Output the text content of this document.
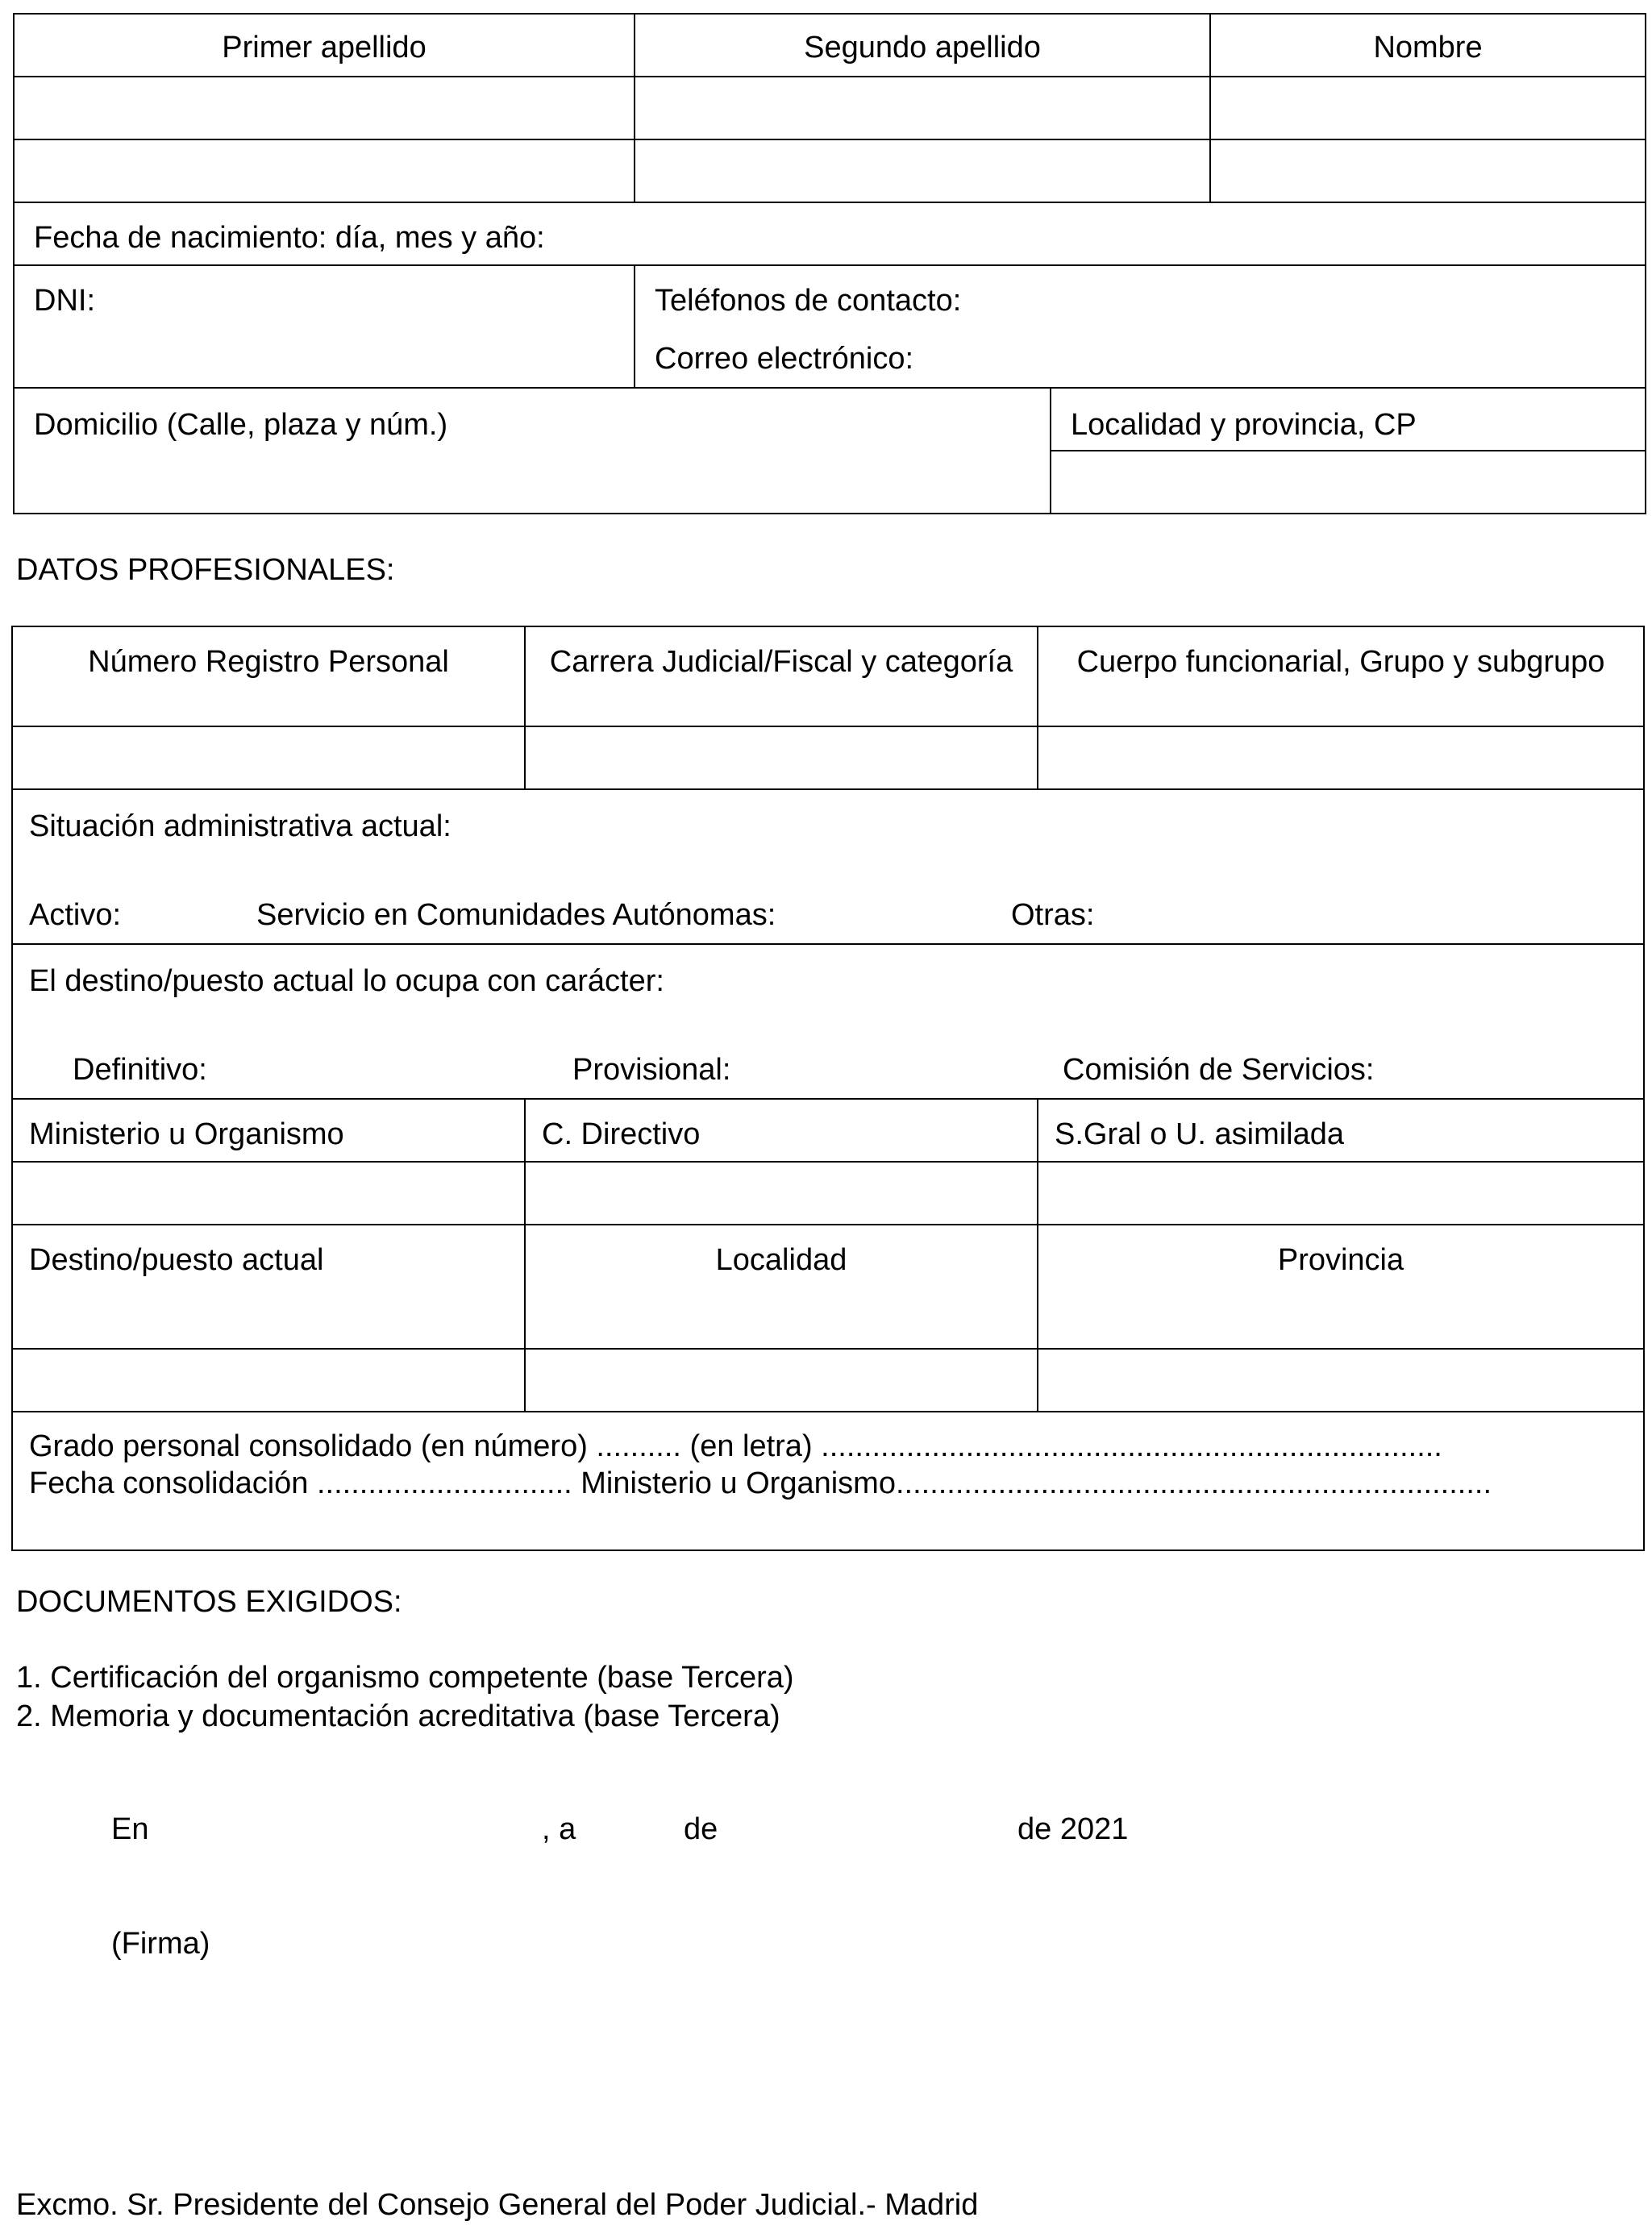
Primer apellido	Segundo apellido		Nombre

Fecha de nacimiento: día, mes y año:			
DNI:	Teléfonos de contacto:
Correo electrónico:		

Domicilio (Calle, plaza y núm.)		Localidad y provincia, CP	

DATOS PROFESIONALES:
Número Registro Personal	Carrera Judicial/Fiscal y categoría	Cuerpo funcionarial, Grupo y subgrupo

Situación administrativa actual:
Activo: Servicio en Comunidades Autónomas: Otras:		

El destino/puesto actual lo ocupa con carácter:
Definitivo: Provisional: Comisión de Servicios:		

Ministerio u Organismo	C. Directivo	S.Gral o U. asimilada

Destino/puesto actual	Localidad	Provincia

Grado personal consolidado (en número) .......... (en letra) .........................................................................
Fecha consolidación .............................. Ministerio u Organismo......................................................................		
DOCUMENTOS EXIGIDOS:
1. Certificación del organismo competente (base Tercera)
2. Memoria y documentación acreditativa (base Tercera)
En	, a	de	de 2021
(Firma)
Excmo. Sr. Presidente del Consejo General del Poder Judicial.- Madrid
